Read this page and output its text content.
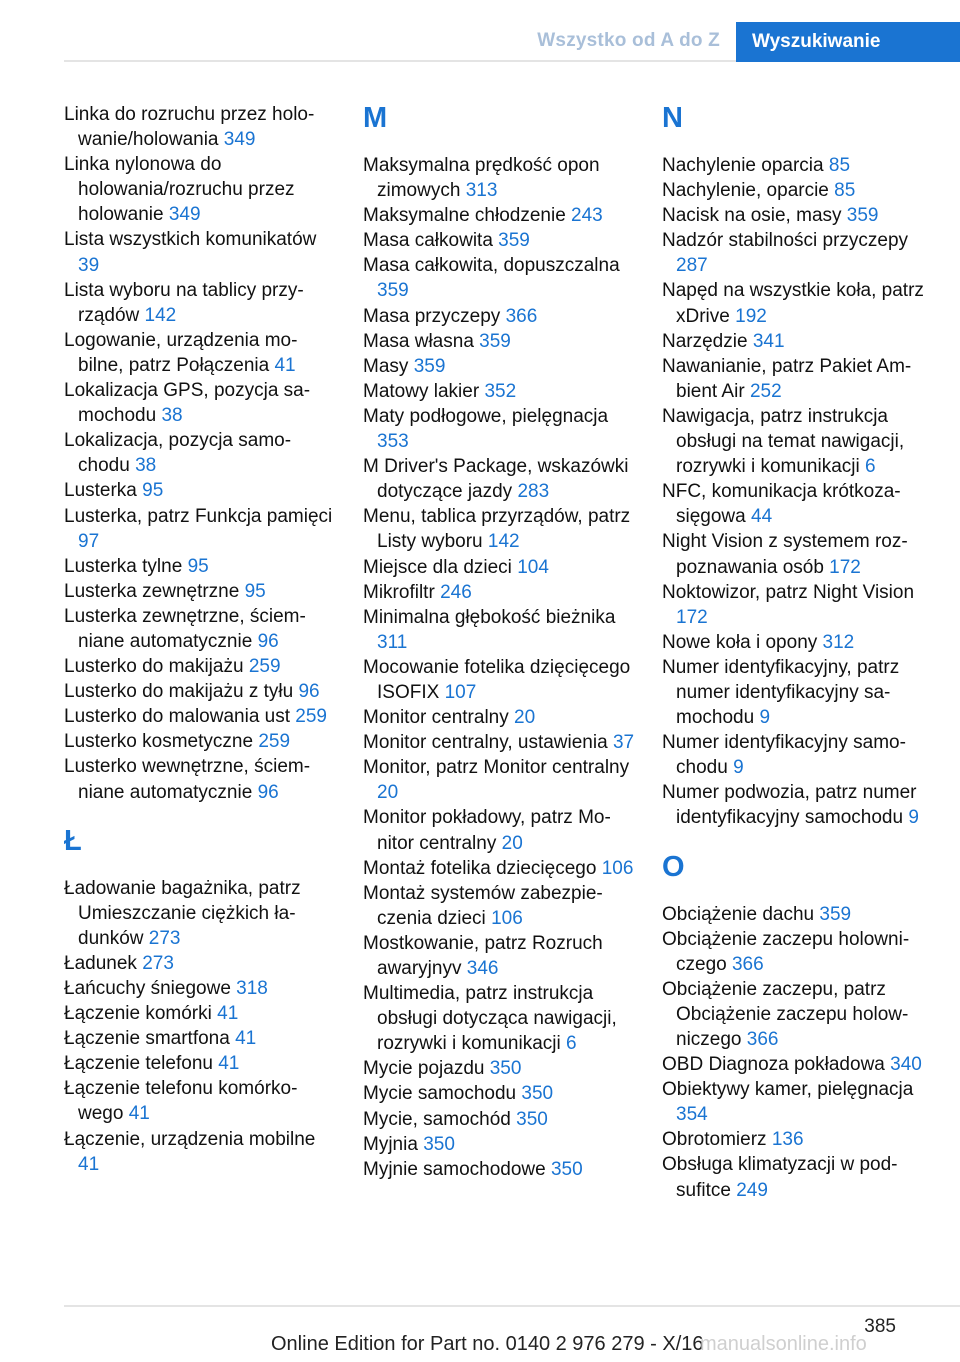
Wszystko od A do Z	Wyszukiwanie
Linka do rozruchu przez holowanie/holowania 349
Linka nylonowa do holowania/rozruchu przez holowanie 349
Lista wszystkich komunikatów 39
Lista wyboru na tablicy przyrządów 142
Logowanie, urządzenia mobilne, patrz Połączenia 41
Lokalizacja GPS, pozycja samochodu 38
Lokalizacja, pozycja samochodu 38
Lusterka 95
Lusterka, patrz Funkcja pamięci 97
Lusterka tylne 95
Lusterka zewnętrzne 95
Lusterka zewnętrzne, ściemniane automatycznie 96
Lusterko do makijażu 259
Lusterko do makijażu z tyłu 96
Lusterko do malowania ust 259
Lusterko kosmetyczne 259
Lusterko wewnętrzne, ściemniane automatycznie 96
Ł
Ładowanie bagażnika, patrz Umieszczanie ciężkich ładunków 273
Ładunek 273
Łańcuchy śniegowe 318
Łączenie komórki 41
Łączenie smartfona 41
Łączenie telefonu 41
Łączenie telefonu komórkowego 41
Łączenie, urządzenia mobilne 41
M
Maksymalna prędkość opon zimowych 313
Maksymalne chłodzenie 243
Masa całkowita 359
Masa całkowita, dopuszczalna 359
Masa przyczepy 366
Masa własna 359
Masy 359
Matowy lakier 352
Maty podłogowe, pielęgnacja 353
M Driver's Package, wskazówki dotyczące jazdy 283
Menu, tablica przyrządów, patrz Listy wyboru 142
Miejsce dla dzieci 104
Mikrofiltr 246
Minimalna głębokość bieżnika 311
Mocowanie fotelika dzięcięcego ISOFIX 107
Monitor centralny 20
Monitor centralny, ustawienia 37
Monitor, patrz Monitor centralny 20
Monitor pokładowy, patrz Monitor centralny 20
Montaż fotelika dziecięcego 106
Montaż systemów zabezpieczenia dzieci 106
Mostkowanie, patrz Rozruch awaryjnyv 346
Multimedia, patrz instrukcja obsługi dotycząca nawigacji, rozrywki i komunikacji 6
Mycie pojazdu 350
Mycie samochodu 350
Mycie, samochód 350
Myjnia 350
Myjnie samochodowe 350
N
Nachylenie oparcia 85
Nachylenie, oparcie 85
Nacisk na osie, masy 359
Nadzór stabilności przyczepy 287
Napęd na wszystkie koła, patrz xDrive 192
Narzędzie 341
Nawanianie, patrz Pakiet Ambient Air 252
Nawigacja, patrz instrukcja obsługi na temat nawigacji, rozrywki i komunikacji 6
NFC, komunikacja krótkozasięgowa 44
Night Vision z systemem rozpoznawania osób 172
Noktowizor, patrz Night Vision 172
Nowe koła i opony 312
Numer identyfikacyjny, patrz numer identyfikacyjny samochodu 9
Numer identyfikacyjny samochodu 9
Numer podwozia, patrz numer identyfikacyjny samochodu 9
O
Obciążenie dachu 359
Obciążenie zaczepu holowniczego 366
Obciążenie zaczepu, patrz Obciążenie zaczepu holowniczego 366
OBD Diagnoza pokładowa 340
Obiektywy kamer, pielęgnacja 354
Obrotomierz 136
Obsługa klimatyzacji w podsufitce 249
385
Online Edition for Part no. 0140 2 976 279 - X/16
manualsonline.info
